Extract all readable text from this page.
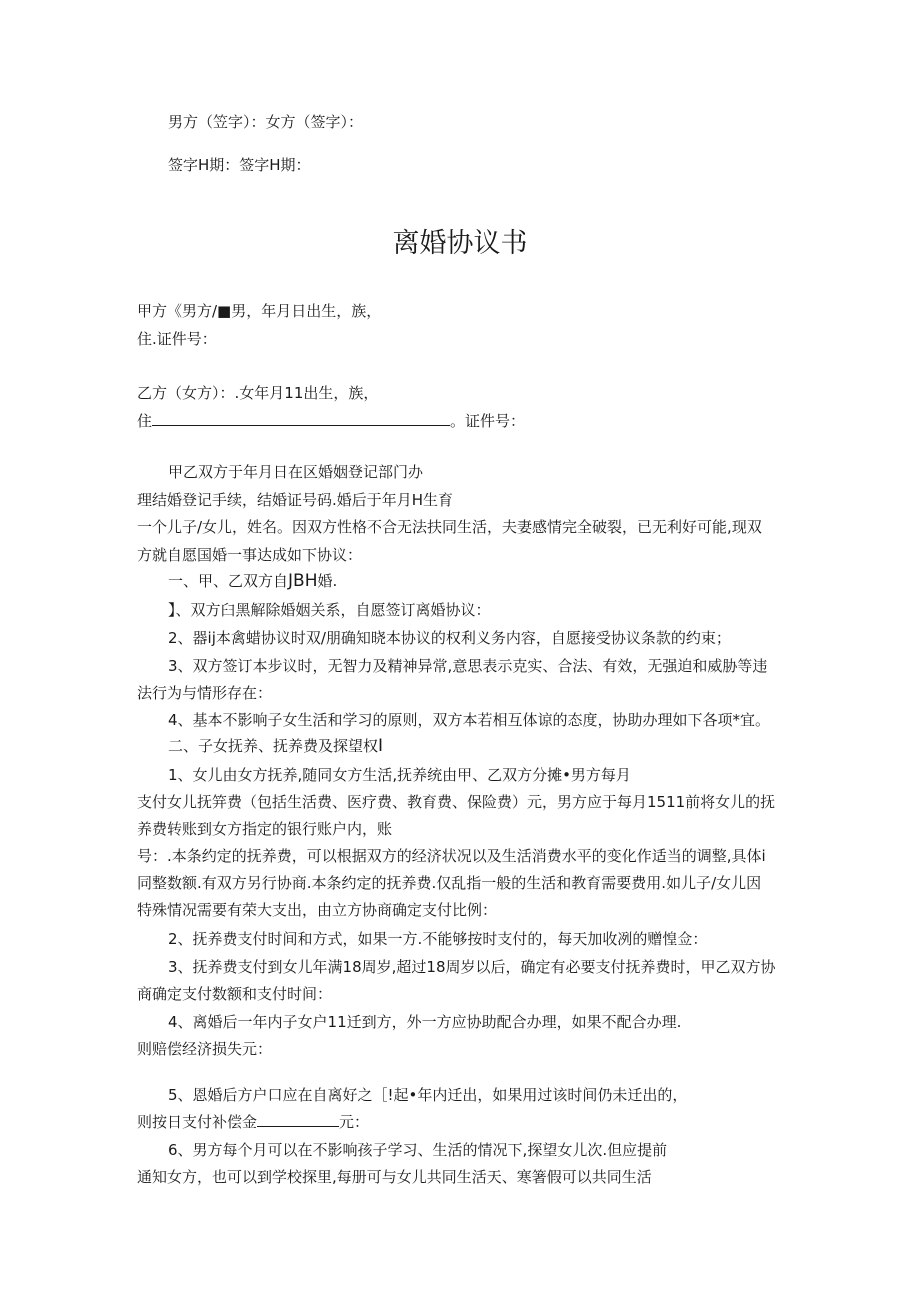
男方（笠字）：女方（签字）：
签字H期：签字H期：
离婚协议书
甲方《男方/■男，年月日出生，族，
住.证件号：
乙方（女方）：.女年月11出生，族，
住	。证件号：
甲乙双方于年月日在区婚姻登记部门办
理结婚登记手续，结婚证号码.婚后于年月H生育
一个儿子/女儿，姓名。因双方性格不合无法扶同生活，夫妻感情完全破裂，已无利好可能,现双
方就自愿国婚一事达成如下协议：
一、甲、乙双方自JBH婚.
】、双方臼黑解除婚姻关系，自愿签订离婚协议：
2、器ij本禽蜡协议时双/朋确知晓本协议的权利义务内容，自愿接受协议条款的约束；
3、双方签订本步议时，无智力及精神异常,意思表示克实、合法、有效，无强迫和威胁等违
法行为与情形存在：
4、基本不影响子女生活和学习的原则，双方本若相互体谅的态度，协助办理如下各项*宜。
二、子女抚养、抚养费及探望权I
1、女儿由女方抚养,随同女方生活,抚养统由甲、乙双方分摊•男方每月
支付女儿抚笄费（包括生活费、医疗费、教育费、保险费）元，男方应于每月1511前将女儿的抚
养费转账到女方指定的银行账户内，账
号：.本条约定的抚养费，可以根据双方的经济状况以及生活消费水平的变化作适当的调整,具体i
同整数额.有双方另行协商.本条约定的抚养费.仅乱指一般的生活和教育需要费用.如儿子/女儿因
特殊情况需要有荣大支出，由立方协商确定支付比例：
2、抚养费支付时间和方式，如果一方.不能够按时支付的，每天加收冽的赠惶佥：
3、抚养费支付到女儿年满18周岁,超过18周岁以后，确定有必要支付抚养费时，甲乙双方协
商确定支付数额和支付时间：
4、离婚后一年内子女户11迁到方，外一方应协助配合办理，如果不配合办理.
则赔偿经济损失元：
5、恩婚后方户口应在自离好之［!起•年内迁出，如果用过该时间仍未迁出的，
则按日支付补偿金	元：
6、男方每个月可以在不影响孩子学习、生活的情况下,探望女儿次.但应提前
通知女方，也可以到学校探里,每册可与女儿共同生活天、寒箸假可以共同生活
